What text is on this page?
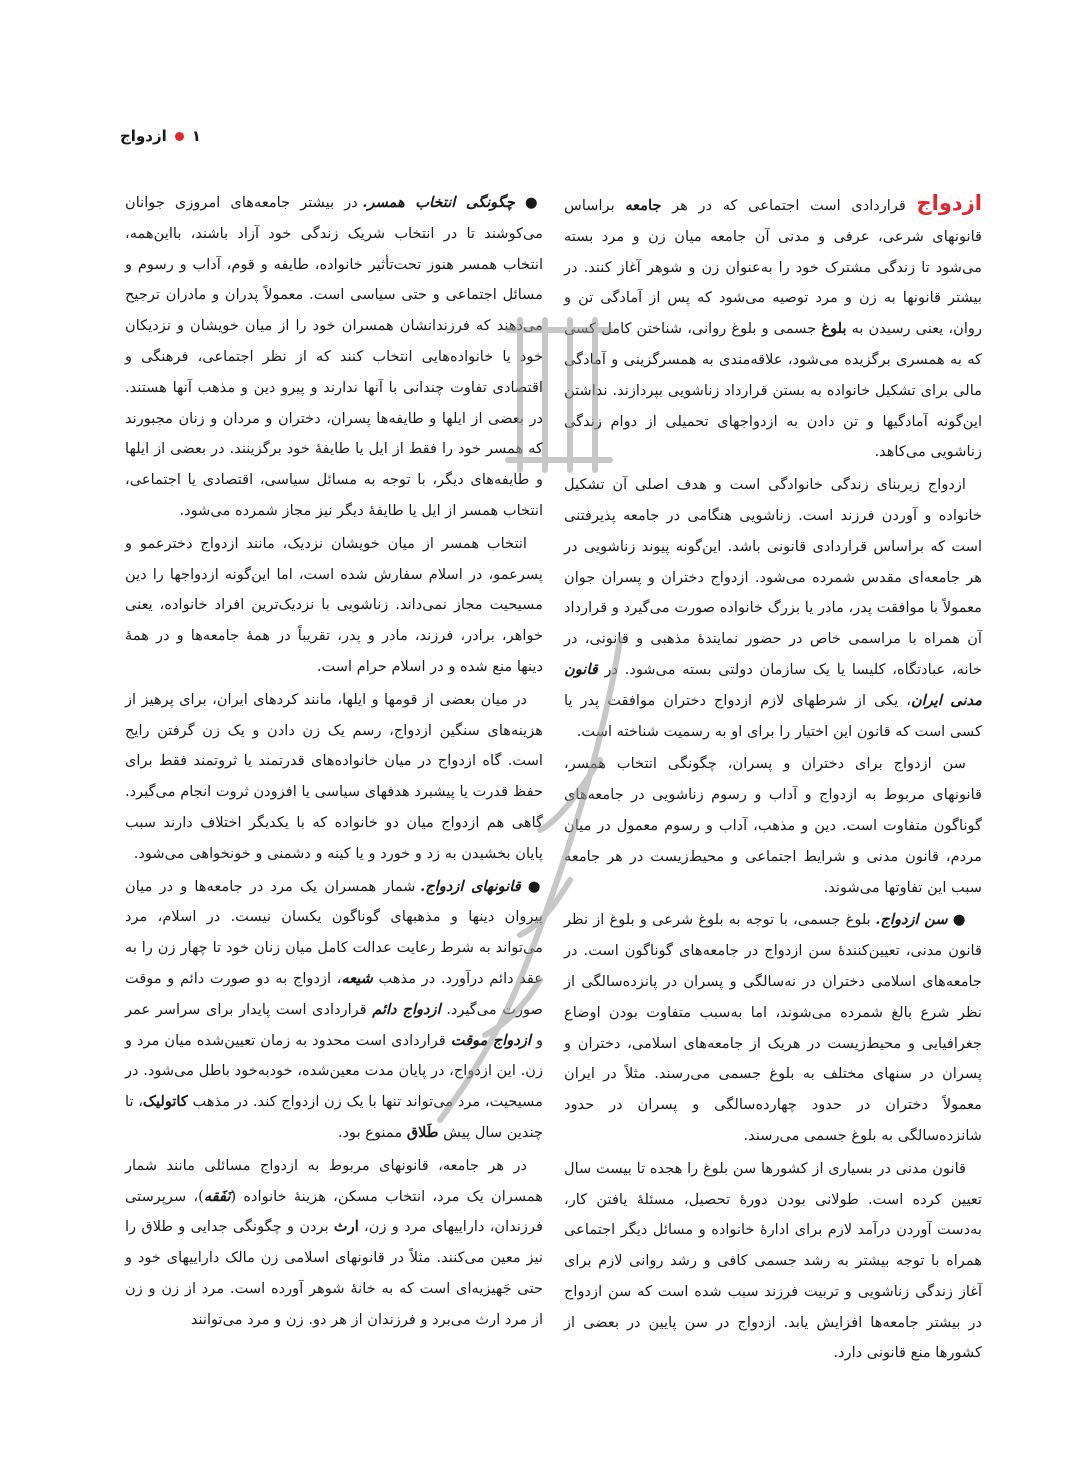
۱
ازدواج

ازدواج قراردادی است اجتماعی که در هر جامعه براساس قانونهای شرعی، عرفی و مدنی آن جامعه میان زن و مرد بسته می‌شود تا زندگی مشترک خود را به‌عنوان زن و شوهر آغاز کنند. در بیشتر قانونها به زن و مرد توصیه می‌شود که پس از آمادگی تن و روان، یعنی رسیدن به بلوغ جسمی و بلوغ روانی، شناختن کامل کسی که به همسری برگزیده می‌شود، علاقه‌مندی به همسرگزینی و آمادگی مالی برای تشکیل خانواده به بستن قرارداد زناشویی بپردازند. نداشتن این‌گونه آمادگیها و تن دادن به ازدواجهای تحمیلی از دوام زندگی زناشویی می‌کاهد.

ازدواج زیربنای زندگی خانوادگی است و هدف اصلی آن تشکیل خانواده و آوردن فرزند است. زناشویی هنگامی در جامعه پذیرفتنی است که براساس قراردادی قانونی باشد. این‌گونه پیوند زناشویی در هر جامعه‌ای مقدس شمرده می‌شود. ازدواج دختران و پسران جوان معمولاً با موافقت پدر، مادر یا بزرگ خانواده صورت می‌گیرد و قرارداد آن همراه با مراسمی خاص در حضور نمایندهٔ مذهبی و قانونی، در خانه، عبادتگاه، کلیسا یا یک سازمان دولتی بسته می‌شود. در قانون مدنی ایران، یکی از شرطهای لازم ازدواج دختران موافقت پدر یا کسی است که قانون این اختیار را برای او به رسمیت شناخته است.

سن ازدواج برای دختران و پسران، چگونگی انتخاب همسر، قانونهای مربوط به ازدواج و آداب و رسوم زناشویی در جامعه‌های گوناگون متفاوت است. دین و مذهب، آداب و رسوم معمول در میان مردم، قانون مدنی و شرایط اجتماعی و محیط‌زیست در هر جامعه سبب این تفاوتها می‌شوند.

● سن ازدواج. بلوغ جسمی، با توجه به بلوغ شرعی و بلوغ از نظر قانون مدنی، تعیین‌کنندهٔ سن ازدواج در جامعه‌های گوناگون است. در جامعه‌های اسلامی دختران در نه‌سالگی و پسران در پانزده‌سالگی از نظر شرع بالغ شمرده می‌شوند، اما به‌سبب متفاوت بودن اوضاع جغرافیایی و محیط‌زیست در هریک از جامعه‌های اسلامی، دختران و پسران در سنهای مختلف به بلوغ جسمی می‌رسند. مثلاً در ایران معمولاً دختران در حدود چهارده‌سالگی و پسران در حدود شانزده‌سالگی به بلوغ جسمی می‌رسند.

قانون مدنی در بسیاری از کشورها سن بلوغ را هجده تا بیست سال تعیین کرده است. طولانی بودن دورهٔ تحصیل، مسئلهٔ یافتن کار، به‌دست آوردن درآمد لازم برای ادارهٔ خانواده و مسائل دیگر اجتماعی همراه با توجه بیشتر به رشد جسمی کافی و رشد روانی لازم برای آغاز زندگی زناشویی و تربیت فرزند سبب شده است که سن ازدواج در بیشتر جامعه‌ها افزایش یابد. ازدواج در سن پایین در بعضی از کشورها منع قانونی دارد.

● چگونگی انتخاب همسر. در بیشتر جامعه‌های امروزی جوانان می‌کوشند تا در انتخاب شریک زندگی خود آزاد باشند، بااین‌همه، انتخاب همسر هنوز تحت‌تأثیر خانواده، طایفه و قوم، آداب و رسوم و مسائل اجتماعی و حتی سیاسی است. معمولاً پدران و مادران ترجیح می‌دهند که فرزندانشان همسران خود را از میان خویشان و نزدیکان خود یا خانواده‌هایی انتخاب کنند که از نظر اجتماعی، فرهنگی و اقتصادی تفاوت چندانی با آنها ندارند و پیرو دین و مذهب آنها هستند. در بعضی از ایلها و طایفه‌ها پسران، دختران و مردان و زنان مجبورند که همسر خود را فقط از ایل یا طایفهٔ خود برگزینند. در بعضی از ایلها و طایفه‌های دیگر، با توجه به مسائل سیاسی، اقتصادی یا اجتماعی، انتخاب همسر از ایل یا طایفهٔ دیگر نیز مجاز شمرده می‌شود.

انتخاب همسر از میان خویشان نزدیک، مانند ازدواج دخترعمو و پسرعمو، در اسلام سفارش شده است، اما این‌گونه ازدواجها را دین مسیحیت مجاز نمی‌داند. زناشویی با نزدیک‌ترین افراد خانواده، یعنی خواهر، برادر، فرزند، مادر و پدر، تقریباً در همهٔ جامعه‌ها و در همهٔ دینها منع شده و در اسلام حرام است.

در میان بعضی از قومها و ایلها، مانند کردهای ایران، برای پرهیز از هزینه‌های سنگین ازدواج، رسم یک زن دادن و یک زن گرفتن رایج است. گاه ازدواج در میان خانواده‌های قدرتمند یا ثروتمند فقط برای حفظ قدرت یا پیشبرد هدفهای سیاسی یا افزودن ثروت انجام می‌گیرد. گاهی هم ازدواج میان دو خانواده که با یکدیگر اختلاف دارند سبب پایان بخشیدن به زد و خورد و یا کینه و دشمنی و خونخواهی می‌شود.

● قانونهای ازدواج. شمار همسران یک مرد در جامعه‌ها و در میان پیروان دینها و مذهبهای گوناگون یکسان نیست. در اسلام، مرد می‌تواند به شرط رعایت عدالت کامل میان زنان خود تا چهار زن را به عقد دائم درآورد. در مذهب شیعه، ازدواج به دو صورت دائم و موقت صورت می‌گیرد. ازدواج دائم قراردادی است پایدار برای سراسر عمر و ازدواج موقت قراردادی است محدود به زمان تعیین‌شده میان مرد و زن. این ازدواج، در پایان مدت معین‌شده، خودبه‌خود باطل می‌شود. در مسیحیت، مرد می‌تواند تنها با یک زن ازدواج کند. در مذهب کاتولیک، تا چندین سال پیش طَلاق ممنوع بود.

در هر جامعه، قانونهای مربوط به ازدواج مسائلی مانند شمار همسران یک مرد، انتخاب مسکن، هزینهٔ خانواده (نَفَقه)، سرپرستی فرزندان، داراییهای مرد و زن، ارث بردن و چگونگی جدایی و طلاق را نیز معین می‌کنند. مثلاً در قانونهای اسلامی زن مالک داراییهای خود و حتی جَهیزیه‌ای است که به خانهٔ شوهر آورده است. مرد از زن و زن از مرد ارث می‌برد و فرزندان از هر دو. زن و مرد می‌توانند
